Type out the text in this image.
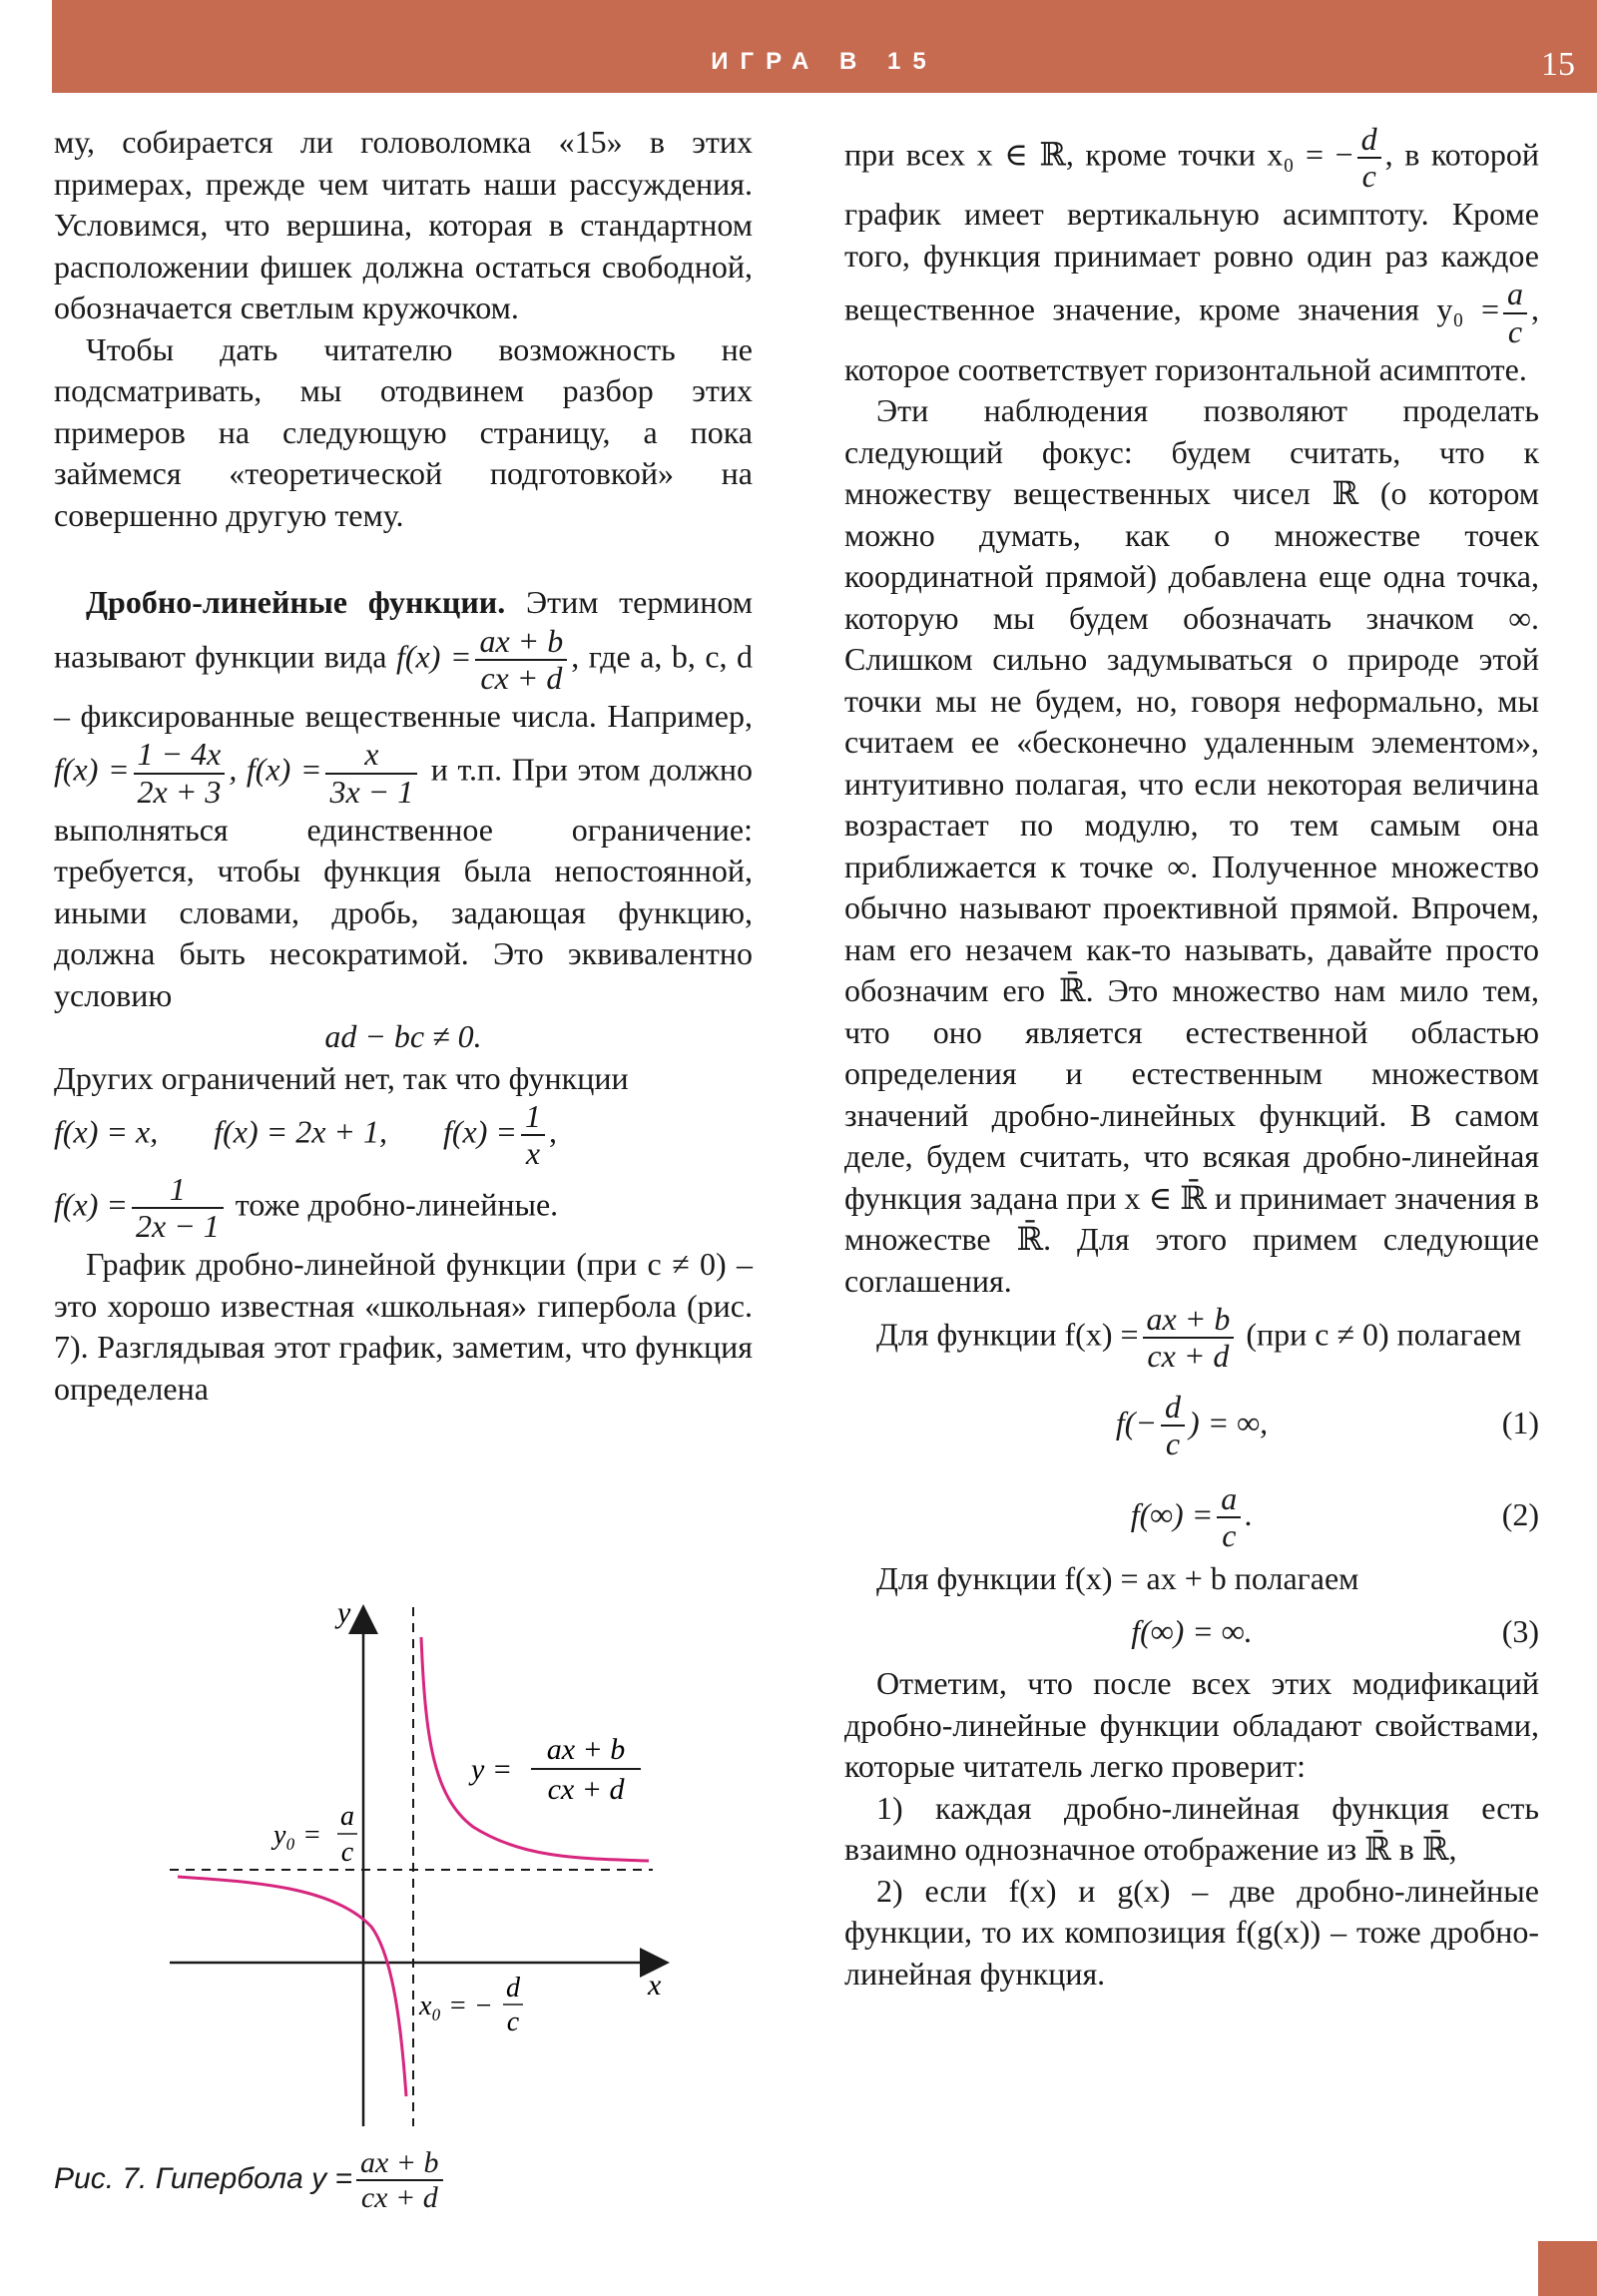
ИГРА В 15	15

му, собирается ли головоломка «15» в этих примерах, прежде чем читать наши рассуждения. Условимся, что вершина, которая в стандартном расположении фишек должна остаться свободной, обозначается светлым кружочком.

Чтобы дать читателю возможность не подсматривать, мы отодвинем разбор этих примеров на следующую страницу, а пока займемся «теоретической подготовкой» на совершенно другую тему.

Дробно-линейные функции. Этим термином называют функции вида $f(x) = \frac{ax + b}{cx + d}$ , где a, b, c, d – фиксированные вещественные числа. Например, $f(x) = \frac{1 - 4x}{2x + 3}$ , $f(x) = \frac{x}{3x - 1}$ и т.п. При этом должно выполняться единственное ограничение: требуется, чтобы функция была непостоянной, иными словами, дробь, задающая функцию, должна быть несократимой. Это эквивалентно условию

ad − bc ≠ 0.

Других ограничений нет, так что функции
f(x) = x, f(x) = 2x + 1, $f(x) = \frac{1}{x}$ ,
$f(x) = \frac{1}{2x - 1}$ тоже дробно-линейные.

График дробно-линейной функции (при c ≠ 0) – это хорошо известная «школьная» гипербола (рис. 7). Разглядывая этот график, заметим, что функция определена

y
x
y =
ax + b
cx + d
y₀ =
a
c
x₀ = −
d
c
Рис. 7. Гипербола $y = \frac{ax + b}{cx + d}$

при всех x ∈ ℝ, кроме точки x₀ = − $\frac{d}{c}$ , в которой график имеет вертикальную асимптоту. Кроме того, функция принимает ровно один раз каждое вещественное значение, кроме значения $y_0 = \frac{a}{c}$ , которое соответствует горизонтальной асимптоте.

Эти наблюдения позволяют проделать следующий фокус: будем считать, что к множеству вещественных чисел ℝ (о котором можно думать, как о множестве точек координатной прямой) добавлена еще одна точка, которую мы будем обозначать значком ∞. Слишком сильно задумываться о природе этой точки мы не будем, но, говоря неформально, мы считаем ее «бесконечно удаленным элементом», интуитивно полагая, что если некоторая величина возрастает по модулю, то тем самым она приближается к точке ∞. Полученное множество обычно называют проективной прямой. Впрочем, нам его незачем как-то называть, давайте просто обозначим его ℝ̄. Это множество нам мило тем, что оно является естественной областью определения и естественным множеством значений дробно-линейных функций. В самом деле, будем считать, что всякая дробно-линейная функция задана при x ∈ ℝ̄ и принимает значения в множестве ℝ̄. Для этого примем следующие соглашения.

Для функции $f(x) = \frac{ax + b}{cx + d} (при$ c ≠ 0) полагаем

$f(- \frac{d}{c}$ ) = ∞,	(1)
$f(\infty) = \frac{a}{c}$ .	(2)

Для функции f(x) = ax + b полагаем

f(∞) = ∞.	(3)

Отметим, что после всех этих модификаций дробно-линейные функции обладают свойствами, которые читатель легко проверит:

1) каждая дробно-линейная функция есть взаимно однозначное отображение из ℝ̄ в ℝ̄,

2) если f(x) и g(x) – две дробно-линейные функции, то их композиция f(g(x)) – тоже дробно-линейная функция.
